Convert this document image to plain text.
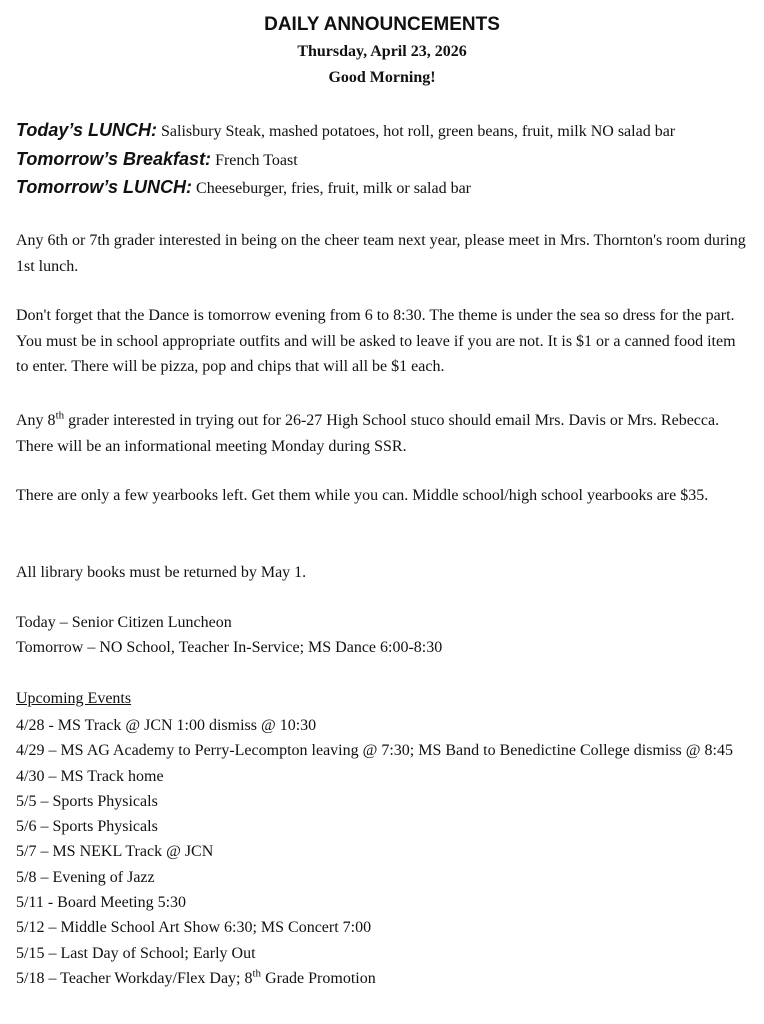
DAILY ANNOUNCEMENTS
Thursday, April 23, 2026
Good Morning!
Today’s LUNCH: Salisbury Steak, mashed potatoes, hot roll, green beans, fruit, milk NO salad bar
Tomorrow’s Breakfast: French Toast
Tomorrow’s LUNCH: Cheeseburger, fries, fruit, milk or salad bar
Any 6th or 7th grader interested in being on the cheer team next year, please meet in Mrs. Thornton's room during 1st lunch.
Don't forget that the Dance is tomorrow evening from 6 to 8:30. The theme is under the sea so dress for the part. You must be in school appropriate outfits and will be asked to leave if you are not. It is $1 or a canned food item to enter. There will be pizza, pop and chips that will all be $1 each.
Any 8th grader interested in trying out for 26-27 High School stuco should email Mrs. Davis or Mrs. Rebecca. There will be an informational meeting Monday during SSR.
There are only a few yearbooks left. Get them while you can. Middle school/high school yearbooks are $35.
All library books must be returned by May 1.
Today – Senior Citizen Luncheon
Tomorrow – NO School, Teacher In-Service; MS Dance 6:00-8:30
Upcoming Events
4/28 - MS Track @ JCN 1:00 dismiss @ 10:30
4/29 – MS AG Academy to Perry-Lecompton leaving @ 7:30; MS Band to Benedictine College dismiss @ 8:45
4/30 – MS Track home
5/5 – Sports Physicals
5/6 – Sports Physicals
5/7 – MS NEKL Track @ JCN
5/8 – Evening of Jazz
5/11 - Board Meeting 5:30
5/12 – Middle School Art Show 6:30; MS Concert 7:00
5/15 – Last Day of School; Early Out
5/18 – Teacher Workday/Flex Day; 8th Grade Promotion
